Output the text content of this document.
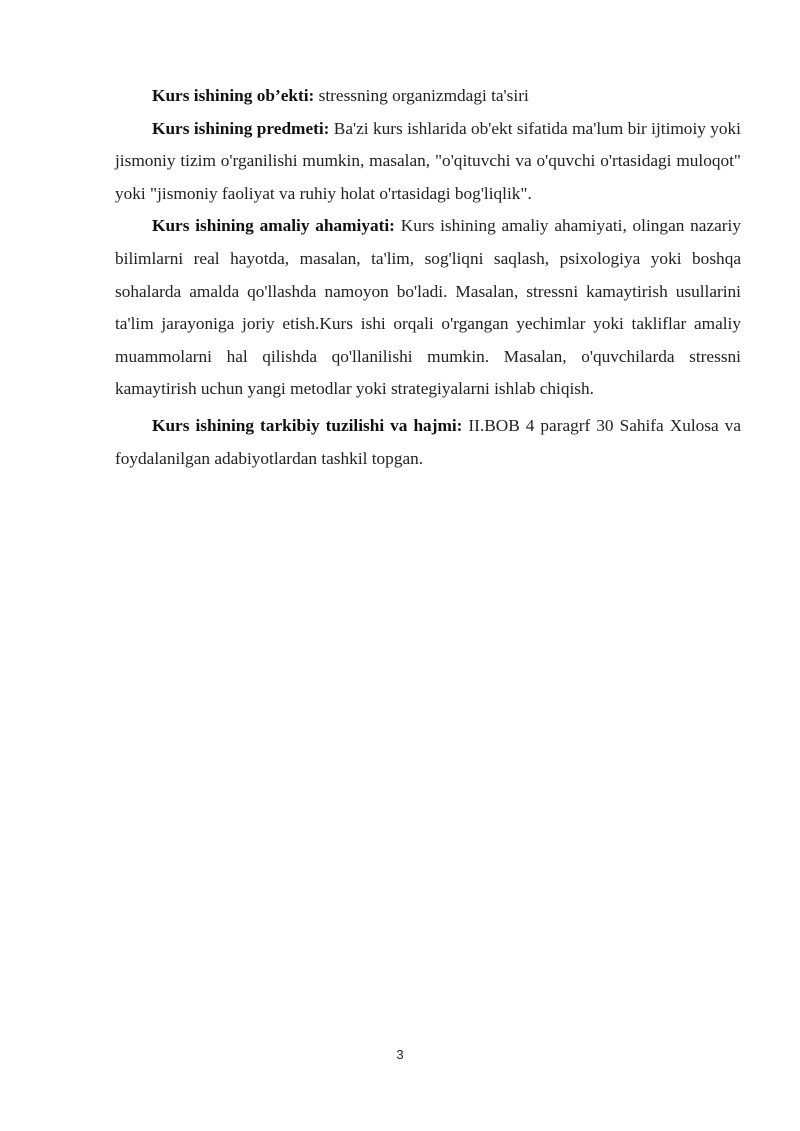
Kurs ishining ob’ekti: stressning organizmdagi ta'siri

Kurs ishining predmeti: Ba'zi kurs ishlarida ob'ekt sifatida ma'lum bir ijtimoiy yoki jismoniy tizim o'rganilishi mumkin, masalan, "o'qituvchi va o'quvchi o'rtasidagi muloqot" yoki "jismoniy faoliyat va ruhiy holat o'rtasidagi bog'liqlik".

Kurs ishining amaliy ahamiyati: Kurs ishining amaliy ahamiyati, olingan nazariy bilimlarni real hayotda, masalan, ta'lim, sog'liqni saqlash, psixologiya yoki boshqa sohalarda amalda qo'llashda namoyon bo'ladi. Masalan, stressni kamaytirish usullarini ta'lim jarayoniga joriy etish.Kurs ishi orqali o'rgangan yechimlar yoki takliflar amaliy muammolarni hal qilishda qo'llanilishi mumkin. Masalan, o'quvchilarda stressni kamaytirish uchun yangi metodlar yoki strategiyalarni ishlab chiqish.

Kurs ishining tarkibiy tuzilishi va hajmi: II.BOB 4 paragrf 30 Sahifa Xulosa va foydalanilgan adabiyotlardan tashkil topgan.

3
